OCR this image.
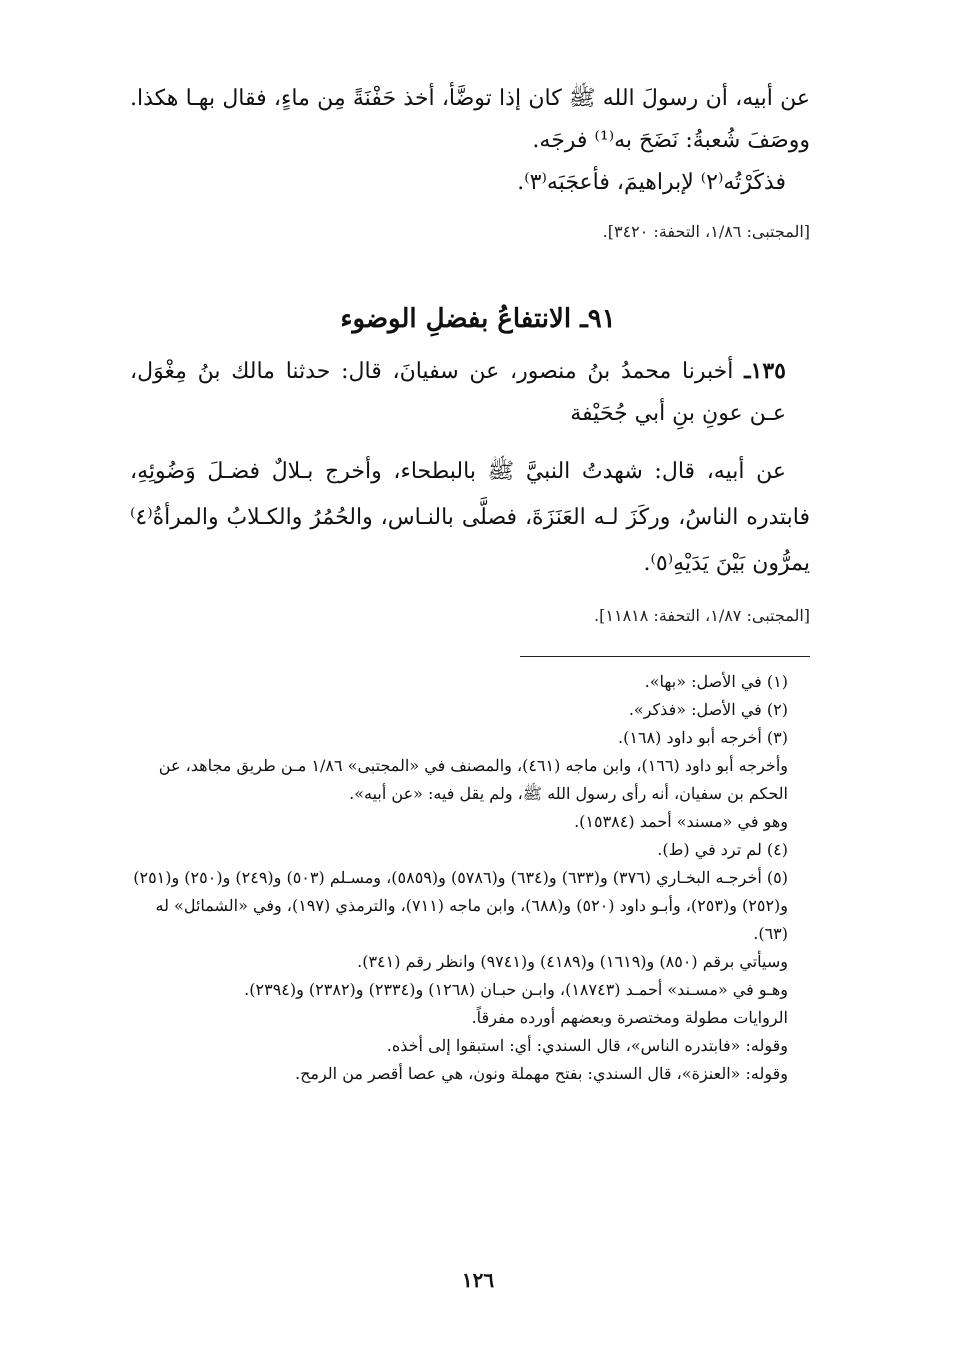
عن أبيه، أن رسولَ الله ﷺ كان إذا توضَّأ، أخذ حَفْنَةً مِن ماءٍ، فقال بهـا هكذا. ووصَفَ شُعبةُ: نَضَحَ به⁽¹⁾ فرجَه.

فذكَرْتُه⁽٢⁾ لإبراهيمَ، فأعجَبَه⁽٣⁾.

[المجتبى: ١/٨٦، التحفة: ٣٤٢٠].
٩١ـ الانتفاعُ بفضلِ الوضوء

١٣٥ـ أخبرنا محمدُ بنُ منصور، عن سفيانَ، قال: حدثنا مالك بنُ مِغْوَل، عـن عونِ بنِ أبي جُحَيْفة

عن أبيه، قال: شهدتُ النبيَّ ﷺ بالبطحاء، وأخرج بـلالٌ فضـلَ وَضُوئِهِ، فابتدره الناسُ، وركَزَ لـه العَنَزَةَ، فصلَّى بالنـاس، والحُمُرُ والكـلابُ والمرأةُ⁽٤⁾ يمرُّون بَيْنَ يَدَيْهِ⁽٥⁾.

[المجتبى: ١/٨٧، التحفة: ١١٨١٨].

(١) في الأصل: «بها».

(٢) في الأصل: «فذكر».

(٣) أخرجه أبو داود (١٦٨).

وأخرجه أبو داود (١٦٦)، وابن ماجه (٤٦١)، والمصنف في «المجتبى» ١/٨٦ مـن طريق مجاهد، عن الحكم بن سفيان، أنه رأى رسول الله ﷺ، ولم يقل فيه: «عن أبيه».

وهو في «مسند» أحمد (١٥٣٨٤).

(٤) لم ترد في (ط).

(٥) أخرجـه البخـاري (٣٧٦) و(٦٣٣) و(٦٣٤) و(٥٧٨٦) و(٥٨٥٩)، ومسـلم (٥٠٣) و(٢٤٩) و(٢٥٠) و(٢٥١) و(٢٥٢) و(٢٥٣)، وأبـو داود (٥٢٠) و(٦٨٨)، وابن ماجه (٧١١)، والترمذي (١٩٧)، وفي «الشمائل» له (٦٣).

وسيأتي برقم (٨٥٠) و(١٦١٩) و(٤١٨٩) و(٩٧٤١) وانظر رقم (٣٤١).

وهـو في «مسـند» أحمـد (١٨٧٤٣)، وابـن حبـان (١٢٦٨) و(٢٣٣٤) و(٢٣٨٢) و(٢٣٩٤).

الروايات مطولة ومختصرة وبعضهم أورده مفرقاً.

وقوله: «فابتدره الناس»، قال السندي: أي: استبقوا إلى أخذه.

وقوله: «العنزة»، قال السندي: بفتح مهملة ونون، هي عصا أقصر من الرمح.

١٢٦
